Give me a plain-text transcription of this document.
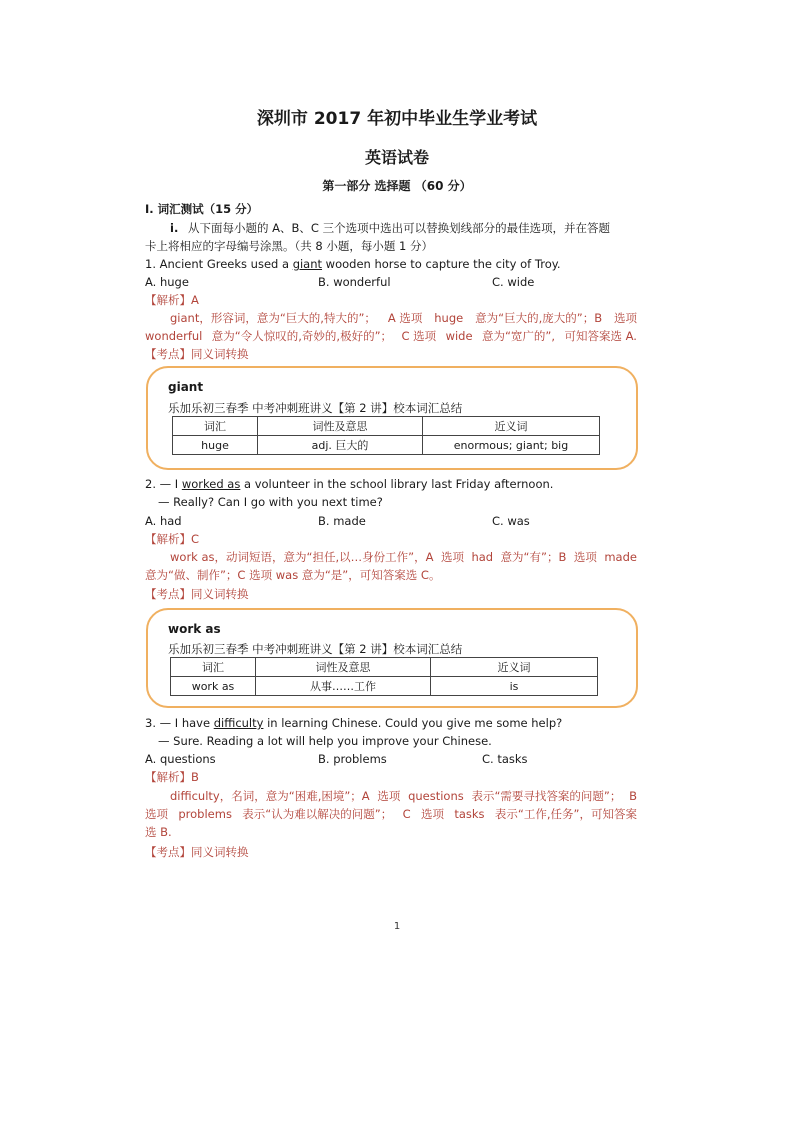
深圳市 2017 年初中毕业生学业考试
英语试卷
第一部分 选择题 （60 分）
I. 词汇测试（15 分）
i. 从下面每小题的 A、B、C 三个选项中选出可以替换划线部分的最佳选项，并在答题
卡上将相应的字母编号涂黑。（共 8 小题，每小题 1 分）
1. Ancient Greeks used a giant wooden horse to capture the city of Troy.
A. huge	B. wonderful	C. wide
【解析】A
giant，形容词，意为“巨大的,特大的”； A 选项 huge 意为“巨大的,庞大的”；B 选项
wonderful 意为“令人惊叹的,奇妙的,极好的”； C 选项 wide 意为“宽广的”, 可知答案选 A.
【考点】同义词转换
giant
乐加乐初三春季 中考冲刺班讲义【第 2 讲】校本词汇总结
词汇	词性及意思	近义词
huge	adj. 巨大的	enormous; giant; big
2. — I worked as a volunteer in the school library last Friday afternoon.
— Really? Can I go with you next time?
A. had	B. made	C. was
【解析】C
work as，动词短语，意为“担任,以…身份工作”，A 选项 had 意为“有”；B 选项 made
意为“做、制作”；C 选项 was 意为“是”，可知答案选 C。
【考点】同义词转换
work as
乐加乐初三春季 中考冲刺班讲义【第 2 讲】校本词汇总结
词汇	词性及意思	近义词
work as	从事……工作	is
3. — I have difficulty in learning Chinese. Could you give me some help?
— Sure. Reading a lot will help you improve your Chinese.
A. questions	B. problems	C. tasks
【解析】B
difficulty，名词，意为“困难,困境”；A 选项 questions 表示“需要寻找答案的问题”； B
选项 problems 表示“认为难以解决的问题”； C 选项 tasks 表示“工作,任务”，可知答案
选 B.
【考点】同义词转换
1
